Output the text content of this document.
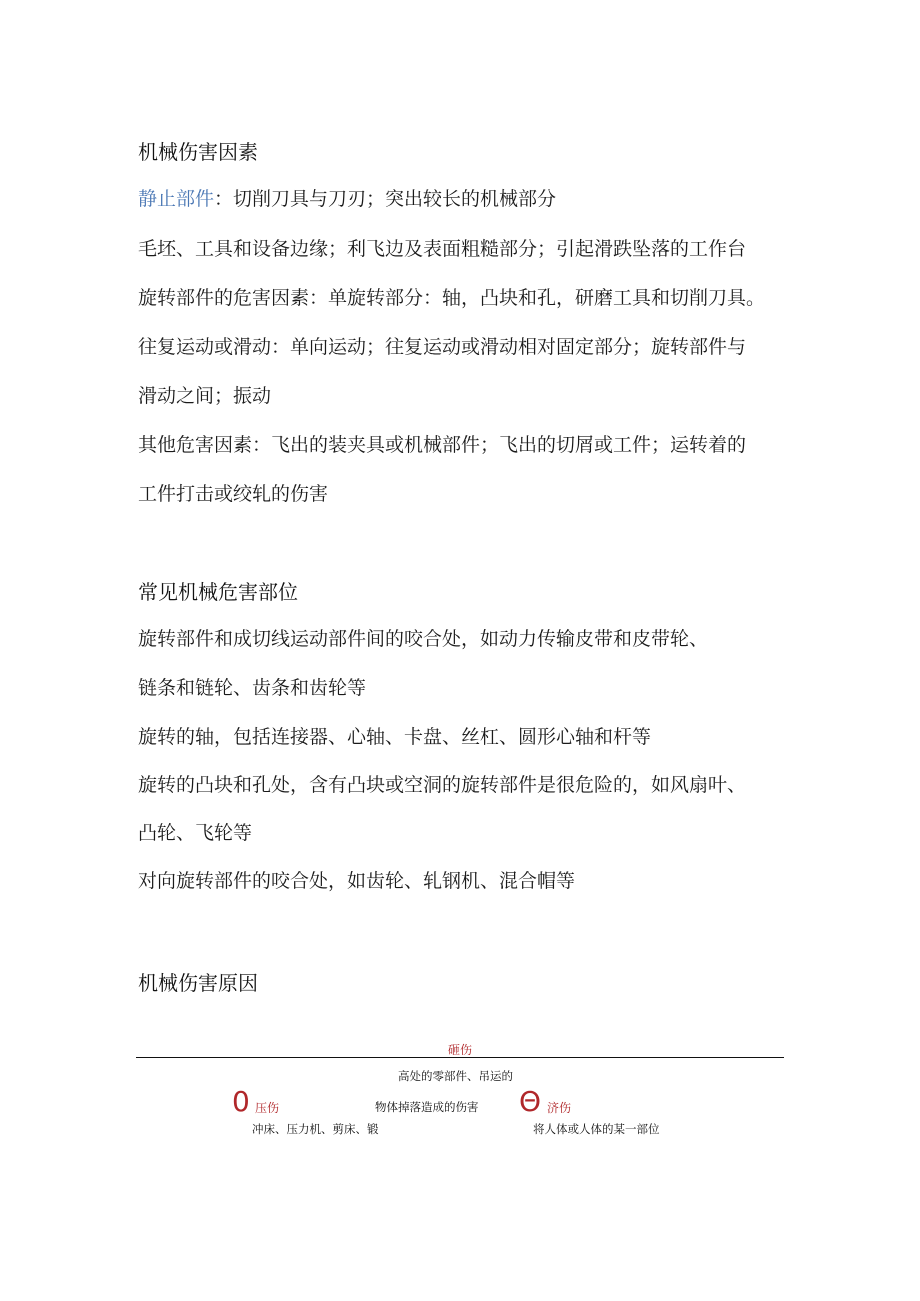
机械伤害因素
静止部件：切削刀具与刀刃；突出较长的机械部分
毛坯、工具和设备边缘；利飞边及表面粗糙部分；引起滑跌坠落的工作台
旋转部件的危害因素：单旋转部分：轴，凸块和孔，研磨工具和切削刀具。
往复运动或滑动：单向运动；往复运动或滑动相对固定部分；旋转部件与
滑动之间；振动
其他危害因素：飞出的装夹具或机械部件；飞出的切屑或工件；运转着的
工件打击或绞轧的伤害
常见机械危害部位
旋转部件和成切线运动部件间的咬合处，如动力传输皮带和皮带轮、
链条和链轮、齿条和齿轮等
旋转的轴，包括连接器、心轴、卡盘、丝杠、圆形心轴和杆等
旋转的凸块和孔处，含有凸块或空洞的旋转部件是很危险的，如风扇叶、
凸轮、飞轮等
对向旋转部件的咬合处，如齿轮、轧钢机、混合帽等
机械伤害原因
砸伤
高处的零部件、吊运的
物体掉落造成的伤害
0 压伤
冲床、压力机、剪床、锻
Θ 济伤
将人体或人体的某一部位
